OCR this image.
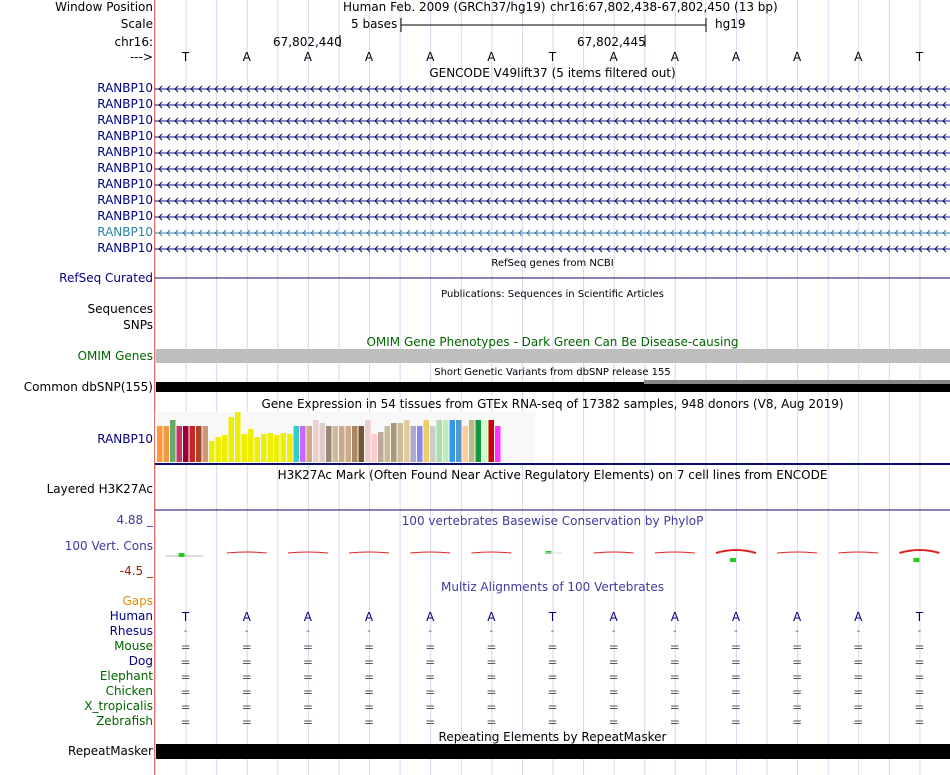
Window Position	Human Feb. 2009 (GRCh37/hg19) chr16:67,802,438-67,802,450 (13 bp)
Scale	5 bases	hg19
chr16:	67,802,440	67,802,445
---> T	A	A	A	A	A	T	A	A	A	A	A	T
GENCODE V49lift37 (5 items filtered out)
RANBP10
RANBP10
RANBP10
RANBP10
RANBP10
RANBP10
RANBP10
RANBP10
RANBP10
RANBP10
RANBP10
RefSeq genes from NCBI
RefSeq Curated
Publications: Sequences in Scientific Articles
Sequences
SNPs
OMIM Gene Phenotypes - Dark Green Can Be Disease-causing
OMIM Genes
Short Genetic Variants from dbSNP release 155
Common dbSNP(155)
Gene Expression in 54 tissues from GTEx RNA-seq of 17382 samples, 948 donors (V8, Aug 2019)
RANBP10
H3K27Ac Mark (Often Found Near Active Regulatory Elements) on 7 cell lines from ENCODE
Layered H3K27Ac
100 vertebrates Basewise Conservation by PhyloP
4.88 _
100 Vert. Cons
-4.5 _
Multiz Alignments of 100 Vertebrates
Gaps
Human T	A	A	A	A	A	T	A	A	A	A	A	T
Rhesus	-	-	-	-	-	-	-	-	-	-	-	-	-
Mouse =	=	=	=	=	=	=	=	=	=	=	=	=
Dog =	=	=	=	=	=	=	=	=	=	=	=	=
Elephant =	=	=	=	=	=	=	=	=	=	=	=	=
Chicken =	=	=	=	=	=	=	=	=	=	=	=	=
X_tropicalis =	=	=	=	=	=	=	=	=	=	=	=	=
Zebrafish =	=	=	=	=	=	=	=	=	=	=	=	=
Repeating Elements by RepeatMasker
RepeatMasker
